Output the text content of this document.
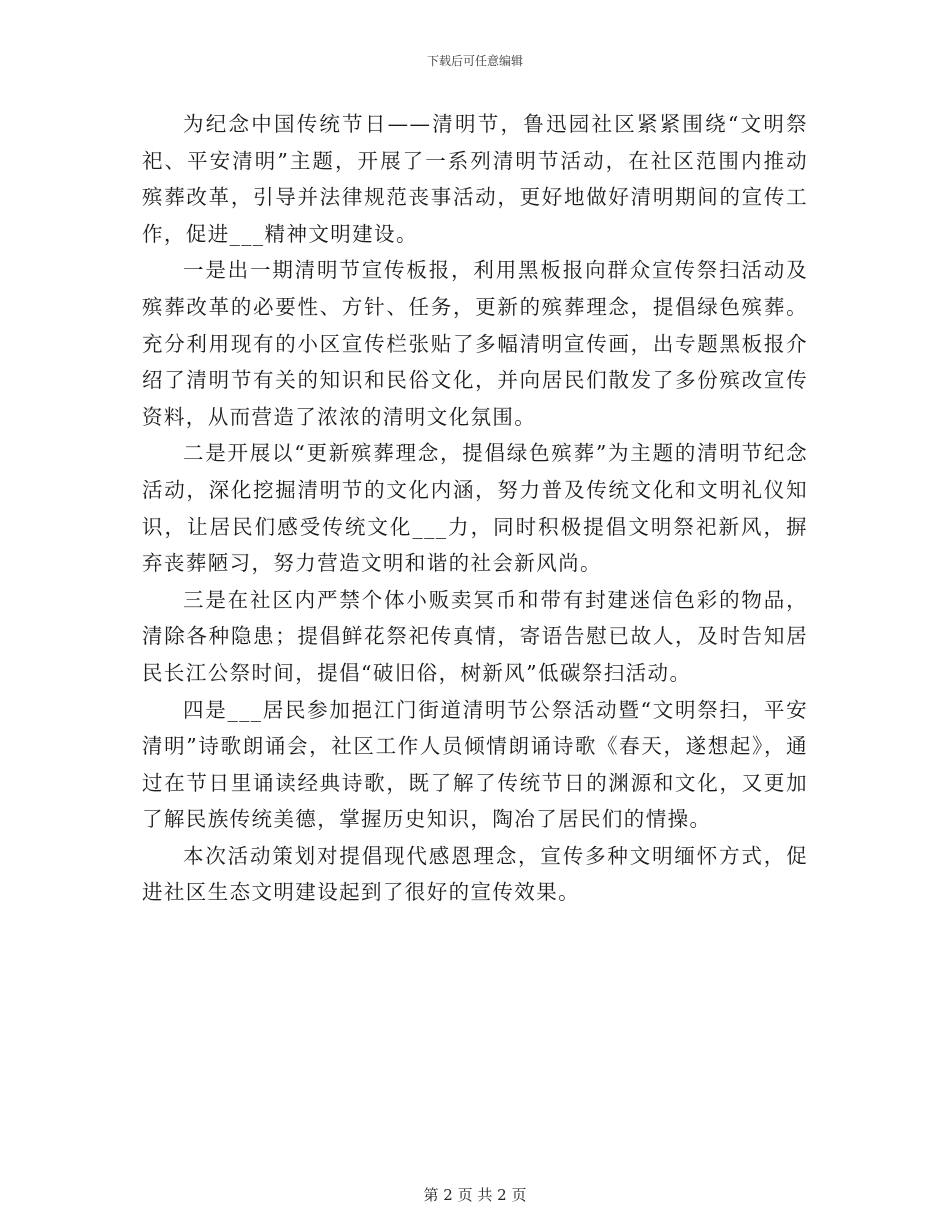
下载后可任意编辑

为纪念中国传统节日——清明节，鲁迅园社区紧紧围绕“文明祭祀、平安清明”主题，开展了一系列清明节活动，在社区范围内推动殡葬改革，引导并法律规范丧事活动，更好地做好清明期间的宣传工作，促进___精神文明建设。

一是出一期清明节宣传板报，利用黑板报向群众宣传祭扫活动及殡葬改革的必要性、方针、任务，更新的殡葬理念，提倡绿色殡葬。充分利用现有的小区宣传栏张贴了多幅清明宣传画，出专题黑板报介绍了清明节有关的知识和民俗文化，并向居民们散发了多份殡改宣传资料，从而营造了浓浓的清明文化氛围。

二是开展以“更新殡葬理念，提倡绿色殡葬”为主题的清明节纪念活动，深化挖掘清明节的文化内涵，努力普及传统文化和文明礼仪知识，让居民们感受传统文化___力，同时积极提倡文明祭祀新风，摒弃丧葬陋习，努力营造文明和谐的社会新风尚。

三是在社区内严禁个体小贩卖冥币和带有封建迷信色彩的物品，清除各种隐患；提倡鲜花祭祀传真情，寄语告慰已故人，及时告知居民长江公祭时间，提倡“破旧俗，树新风”低碳祭扫活动。

四是___居民参加挹江门街道清明节公祭活动暨“文明祭扫，平安清明”诗歌朗诵会，社区工作人员倾情朗诵诗歌《春天，遂想起》，通过在节日里诵读经典诗歌，既了解了传统节日的渊源和文化，又更加了解民族传统美德，掌握历史知识，陶冶了居民们的情操。

本次活动策划对提倡现代感恩理念，宣传多种文明缅怀方式，促进社区生态文明建设起到了很好的宣传效果。

第 2 页 共 2 页
